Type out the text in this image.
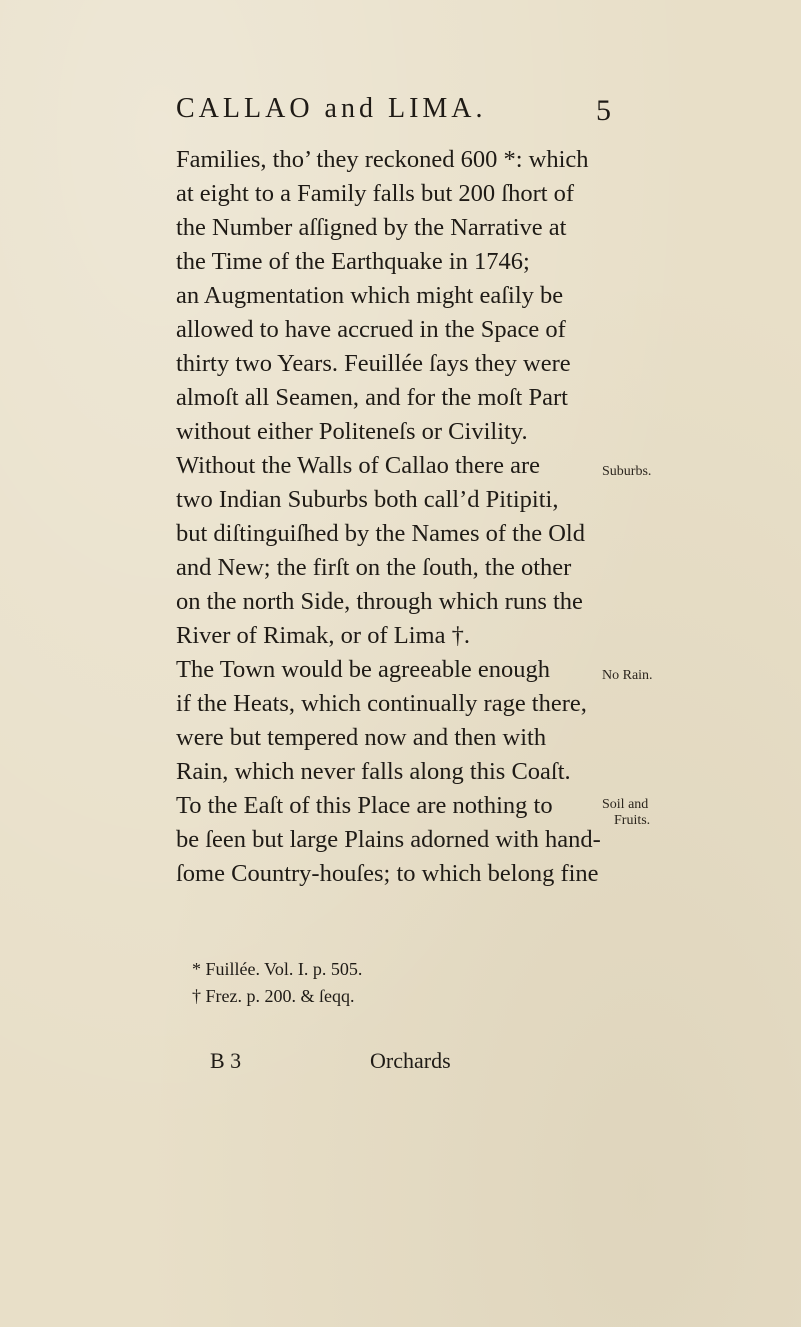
CALLAO and LIMA.	5
Families, tho’ they reckoned 600 *: which
at eight to a Family falls but 200 ſhort of
the Number aſſigned by the Narrative at
the Time of the Earthquake in 1746;
an Augmentation which might eaſily be
allowed to have accrued in the Space of
thirty two Years. Feuillée ſays they were
almoſt all Seamen, and for the moſt Part
without either Politeneſs or Civility.
Without the Walls of Callao there are
two Indian Suburbs both call’d Pitipiti,
but diſtinguiſhed by the Names of the Old
and New; the firſt on the ſouth, the other
on the north Side, through which runs the
River of Rimak, or of Lima †.
The Town would be agreeable enough
if the Heats, which continually rage there,
were but tempered now and then with
Rain, which never falls along this Coaſt.
To the Eaſt of this Place are nothing to
be ſeen but large Plains adorned with hand-
ſome Country-houſes; to which belong fine
Suburbs.
No Rain.
Soil and
Fruits.
* Fuillée. Vol. I. p. 505.
† Frez. p. 200. & ſeqq.
B 3	Orchards
